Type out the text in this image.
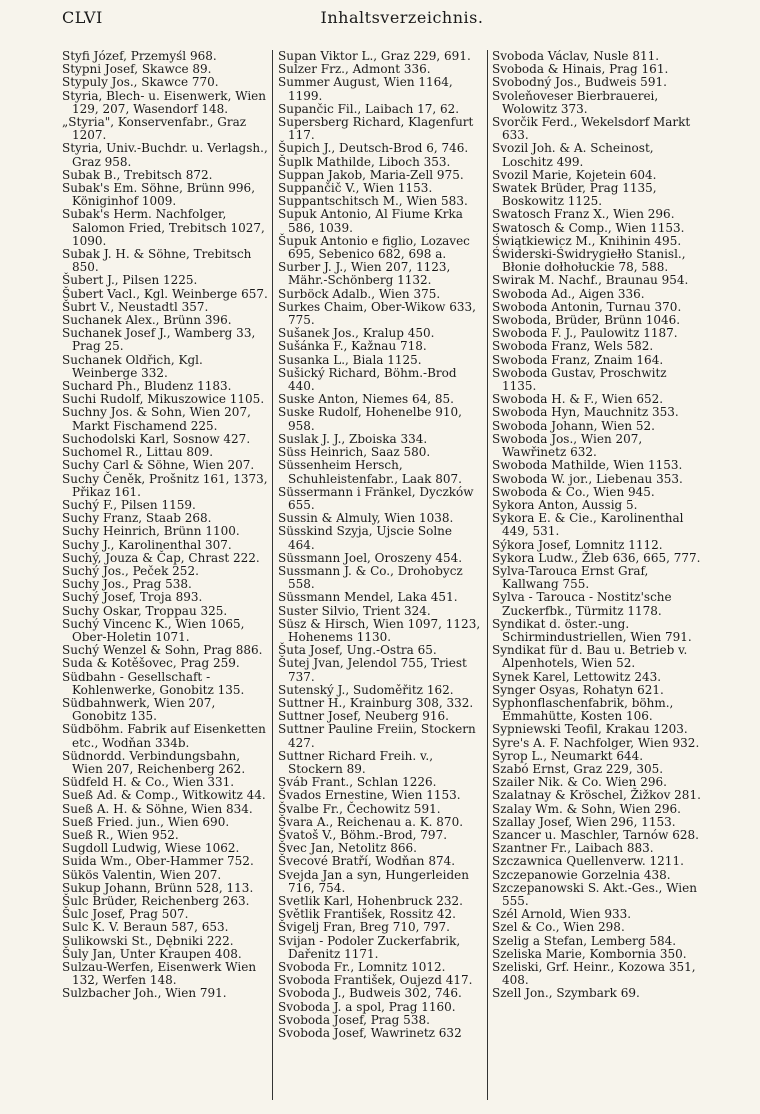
CLVI	Inhaltsverzeichnis.

Styfi Józef, Przemyśl 968.

Stypni Josef, Skawce 89.

Stypuly Jos., Skawce 770.

Styria, Blech- u. Eisenwerk, Wien 129, 207, Wasendorf 148.

„Styria", Konservenfabr., Graz 1207.

Styria, Univ.-Buchdr. u. Verlagsh., Graz 958.

Subak B., Trebitsch 872.

Subak's Em. Söhne, Brünn 996, Königinhof 1009.

Subak's Herm. Nachfolger, Salomon Fried, Trebitsch 1027, 1090.

Subak J. H. & Söhne, Trebitsch 850.

Šubert J., Pilsen 1225.

Šubert Vacl., Kgl. Weinberge 657.

Šubrt V., Neustadtl 357.

Suchanek Alex., Brünn 396.

Suchanek Josef J., Wamberg 33, Prag 25.

Suchanek Oldřich, Kgl. Weinberge 332.

Suchard Ph., Bludenz 1183.

Suchi Rudolf, Mikuszowice 1105.

Suchny Jos. & Sohn, Wien 207, Markt Fischamend 225.

Suchodolski Karl, Sosnow 427.

Suchomel R., Littau 809.

Suchy Carl & Söhne, Wien 207.

Suchy Čeněk, Prošnitz 161, 1373, Přikaz 161.

Suchý F., Pilsen 1159.

Suchy Franz, Staab 268.

Suchy Heinrich, Brünn 1100.

Suchy J., Karolinenthal 307.

Suchý, Jouza & Čap, Chrast 222.

Suchý Jos., Peček 252.

Suchy Jos., Prag 538.

Suchý Josef, Troja 893.

Suchy Oskar, Troppau 325.

Suchý Vincenc K., Wien 1065, Ober-Holetin 1071.

Suchý Wenzel & Sohn, Prag 886.

Suda & Kotěšovec, Prag 259.

Südbahn - Gesellschaft - Kohlenwerke, Gonobitz 135.

Südbahnwerk, Wien 207, Gonobitz 135.

Südböhm. Fabrik auf Eisenketten etc., Wodňan 334b.

Südnordd. Verbindungsbahn, Wien 207, Reichenberg 262.

Südfeld H. & Co., Wien 331.

Sueß Ad. & Comp., Witkowitz 44.

Sueß A. H. & Söhne, Wien 834.

Sueß Fried. jun., Wien 690.

Sueß R., Wien 952.

Sugdoll Ludwig, Wiese 1062.

Suida Wm., Ober-Hammer 752.

Sükös Valentin, Wien 207.

Sukup Johann, Brünn 528, 113.

Šulc Brüder, Reichenberg 263.

Šulc Josef, Prag 507.

Sulc K. V. Beraun 587, 653.

Sulikowski St., Dębniki 222.

Šuly Jan, Unter Kraupen 408.

Sulzau-Werfen, Eisenwerk Wien 132, Werfen 148.

Sulzbacher Joh., Wien 791.

Supan Viktor L., Graz 229, 691.

Sulzer Frz., Admont 336.

Summer August, Wien 1164, 1199.

Supančic Fil., Laibach 17, 62.

Supersberg Richard, Klagenfurt 117.

Šupich J., Deutsch-Brod 6, 746.

Šuplk Mathilde, Liboch 353.

Suppan Jakob, Maria-Zell 975.

Suppančič V., Wien 1153.

Suppantschitsch M., Wien 583.

Supuk Antonio, Al Fiume Krka 586, 1039.

Šupuk Antonio e figlio, Lozavec 695, Sebenico 682, 698 a.

Surber J. J., Wien 207, 1123, Mähr.-Schönberg 1132.

Surböck Adalb., Wien 375.

Surkes Chaim, Ober-Wikow 633, 775.

Sušanek Jos., Kralup 450.

Sušánka F., Kažnau 718.

Susanka L., Biala 1125.

Sušický Richard, Böhm.-Brod 440.

Suske Anton, Niemes 64, 85.

Suske Rudolf, Hohenelbe 910, 958.

Suslak J. J., Zboiska 334.

Süss Heinrich, Saaz 580.

Süssenheim Hersch, Schuhleistenfabr., Laak 807.

Süssermann i Fränkel, Dyczków 655.

Sussin & Almuly, Wien 1038.

Süsskind Szyja, Ujscie Solne 464.

Süssmann Joel, Oroszeny 454.

Sussmann J. & Co., Drohobycz 558.

Süssmann Mendel, Laka 451.

Suster Silvio, Trient 324.

Süsz & Hirsch, Wien 1097, 1123, Hohenems 1130.

Šuta Josef, Ung.-Ostra 65.

Šutej Jvan, Jelendol 755, Triest 737.

Sutenský J., Sudoměřitz 162.

Suttner H., Krainburg 308, 332.

Suttner Josef, Neuberg 916.

Suttner Pauline Freiin, Stockern 427.

Suttner Richard Freih. v., Stockern 89.

Sváb Frant., Schlan 1226.

Švados Ernestine, Wien 1153.

Švalbe Fr., Čechowitz 591.

Švara A., Reichenau a. K. 870.

Švatoš V., Böhm.-Brod, 797.

Švec Jan, Netolitz 866.

Švecové Bratří, Wodňan 874.

Svejda Jan a syn, Hungerleiden 716, 754.

Svetlik Karl, Hohenbruck 232.

Světlik František, Rossitz 42.

Švigelj Fran, Breg 710, 797.

Svijan - Podoler Zuckerfabrik, Dařenitz 1171.

Svoboda Fr., Lomnitz 1012.

Svoboda František, Oujezd 417.

Svoboda J., Budweis 302, 746.

Svoboda J. a spol, Prag 1160.

Svoboda Josef, Prag 538.

Svoboda Josef, Wawrinetz 632

Svoboda Václav, Nusle 811.

Svoboda & Hinais, Prag 161.

Svobodný Jos., Budweis 591.

Svoleňoveser Bierbrauerei, Wolowitz 373.

Svorčik Ferd., Wekelsdorf Markt 633.

Svozil Joh. & A. Scheinost, Loschitz 499.

Svozil Marie, Kojetein 604.

Swatek Brüder, Prag 1135, Boskowitz 1125.

Swatosch Franz X., Wien 296.

Swatosch & Comp., Wien 1153.

Świątkiewicz M., Knihinin 495.

Świderski-Świdrygiełło Stanisl., Błonie dołhołuckie 78, 588.

Swirak M. Nachf., Braunau 954.

Swoboda Ad., Aigen 336.

Swoboda Antonin, Turnau 370.

Swoboda, Brüder, Brünn 1046.

Swoboda F. J., Paulowitz 1187.

Swoboda Franz, Wels 582.

Swoboda Franz, Znaim 164.

Swoboda Gustav, Proschwitz 1135.

Swoboda H. & F., Wien 652.

Swoboda Hyn, Mauchnitz 353.

Swoboda Johann, Wien 52.

Swoboda Jos., Wien 207, Wawřinetz 632.

Swoboda Mathilde, Wien 1153.

Swoboda W. jor., Liebenau 353.

Swoboda & Co., Wien 945.

Sykora Anton, Aussig 5.

Sykora E. & Cie., Karolinenthal 449, 531.

Sýkora Josef, Lomnitz 1112.

Sykora Ludw., Žleb 636, 665, 777.

Sylva-Tarouca Ernst Graf, Kallwang 755.

Sylva - Tarouca - Nostitz'sche Zuckerfbk., Türmitz 1178.

Syndikat d. öster.-ung. Schirmindustriellen, Wien 791.

Syndikat für d. Bau u. Betrieb v. Alpenhotels, Wien 52.

Synek Karel, Lettowitz 243.

Synger Osyas, Rohatyn 621.

Syphonflaschenfabrik, böhm., Emmahütte, Kosten 106.

Sypniewski Teofil, Krakau 1203.

Syre's A. F. Nachfolger, Wien 932.

Syrop L., Neumarkt 644.

Szabó Ernst, Graz 229, 305.

Szailer Nik. & Co. Wien 296.

Szalatnay & Kröschel, Žižkov 281.

Szalay Wm. & Sohn, Wien 296.

Szallay Josef, Wien 296, 1153.

Szancer u. Maschler, Tarnów 628.

Szantner Fr., Laibach 883.

Szczawnica Quellenverw. 1211.

Szczepanowie Gorzelnia 438.

Szczepanowski S. Akt.-Ges., Wien 555.

Szél Arnold, Wien 933.

Szel & Co., Wien 298.

Szelig a Stefan, Lemberg 584.

Szeliska Marie, Kombornia 350.

Szeliski, Grf. Heinr., Kozowa 351, 408.

Szell Jon., Szymbark 69.
